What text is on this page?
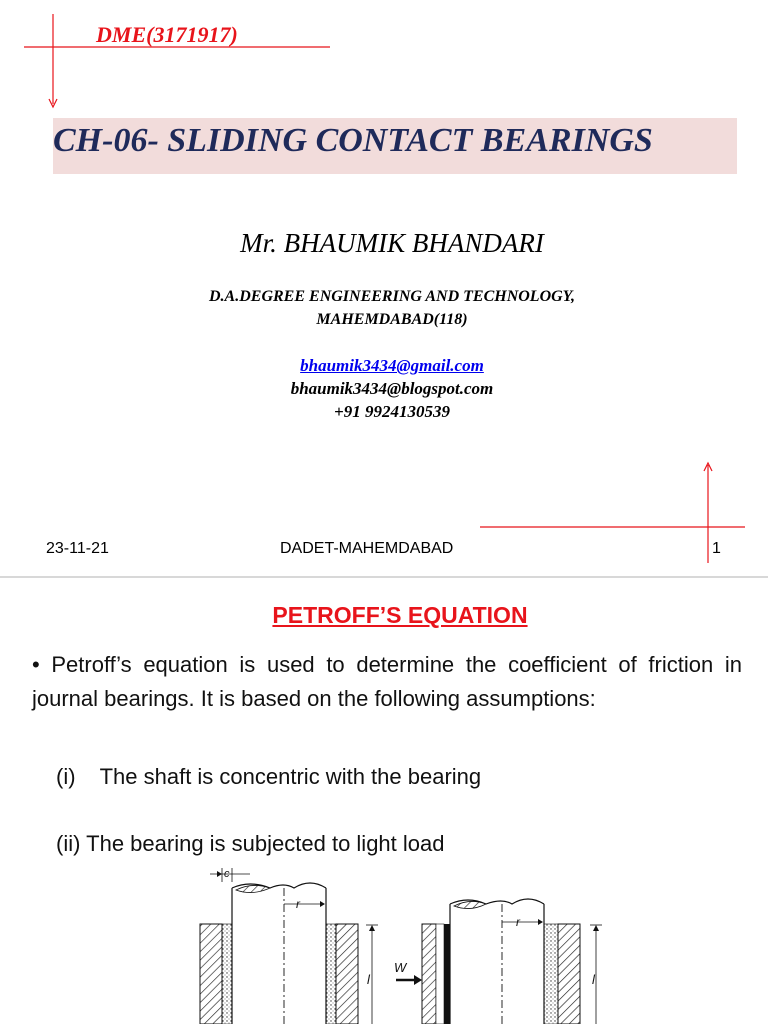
DME(3171917)
CH-06- SLIDING CONTACT BEARINGS
Mr. BHAUMIK BHANDARI
D.A.DEGREE ENGINEERING AND TECHNOLOGY,
MAHEMDABAD(118)
bhaumik3434@gmail.com
bhaumik3434@blogspot.com
+91 9924130539
23-11-21	DADET-MAHEMDABAD	1
PETROFF’S EQUATION
• Petroff’s equation is used to determine the coefficient of friction in journal bearings. It is based on the following assumptions:
(i)    The shaft is concentric with the bearing
(ii) The bearing is subjected to light load
c
r
l
r
W
l
